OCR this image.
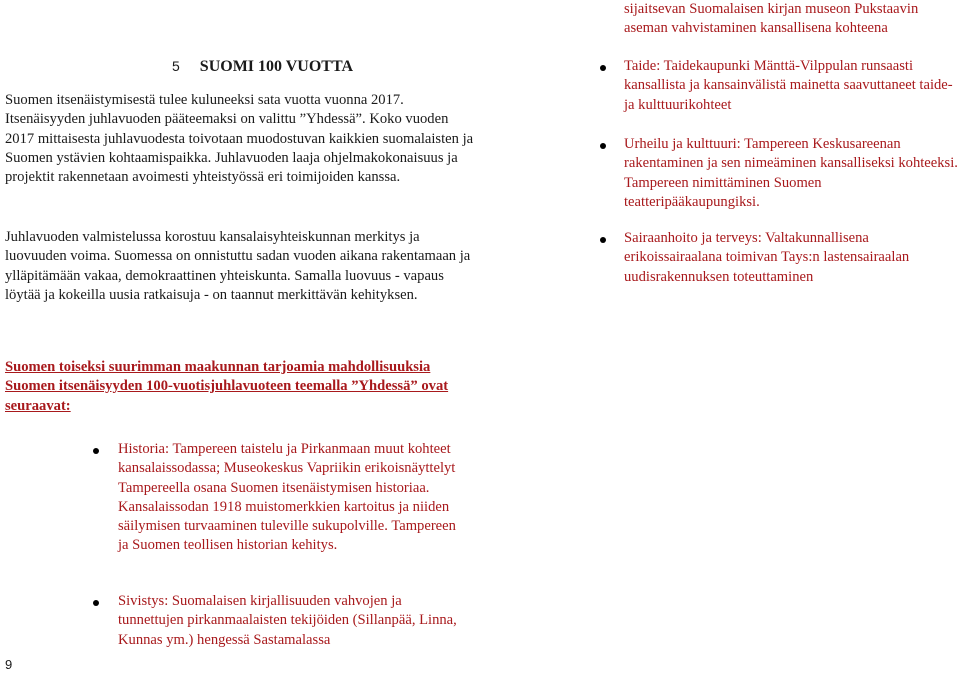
sijaitsevan Suomalaisen kirjan museon Pukstaavin aseman vahvistaminen kansallisena kohteena

5 SUOMI 100 VUOTTA

Suomen itsenäistymisestä tulee kuluneeksi sata vuotta vuonna 2017. Itsenäisyyden juhlavuoden pääteemaksi on valittu ”Yhdessä”. Koko vuoden 2017 mittaisesta juhlavuodesta toivotaan muodostuvan kaikkien suomalaisten ja Suomen ystävien kohtaamispaikka. Juhlavuoden laaja ohjelmakokonaisuus ja projektit rakennetaan avoimesti yhteistyössä eri toimijoiden kanssa.

Juhlavuoden valmistelussa korostuu kansalaisyhteiskunnan merkitys ja luovuuden voima. Suomessa on onnistuttu sadan vuoden aikana rakentamaan ja ylläpitämään vakaa, demokraattinen yhteiskunta. Samalla luovuus - vapaus löytää ja kokeilla uusia ratkaisuja - on taannut merkittävän kehityksen.

Taide: Taidekaupunki Mänttä-Vilppulan runsaasti kansallista ja kansainvälistä mainetta saavuttaneet taide- ja kulttuurikohteet

Urheilu ja kulttuuri: Tampereen Keskusareenan rakentaminen ja sen nimeäminen kansalliseksi kohteeksi. Tampereen nimittäminen Suomen teatteripääkaupungiksi.

Sairaanhoito ja terveys: Valtakunnallisena erikoissairaalana toimivan Tays:n lastensairaalan uudisrakennuksen toteuttaminen

Suomen toiseksi suurimman maakunnan tarjoamia mahdollisuuksia Suomen itsenäisyyden 100-vuotisjuhlavuoteen teemalla ”Yhdessä” ovat seuraavat:

Historia: Tampereen taistelu ja Pirkanmaan muut kohteet kansalaissodassa; Museokeskus Vapriikin erikoisnäyttelyt Tampereella osana Suomen itsenäistymisen historiaa. Kansalaissodan 1918 muistomerkkien kartoitus ja niiden säilymisen turvaaminen tuleville sukupolville. Tampereen ja Suomen teollisen historian kehitys.

Sivistys: Suomalaisen kirjallisuuden vahvojen ja tunnettujen pirkanmaalaisten tekijöiden (Sillanpää, Linna, Kunnas ym.) hengessä Sastamalassa

9
